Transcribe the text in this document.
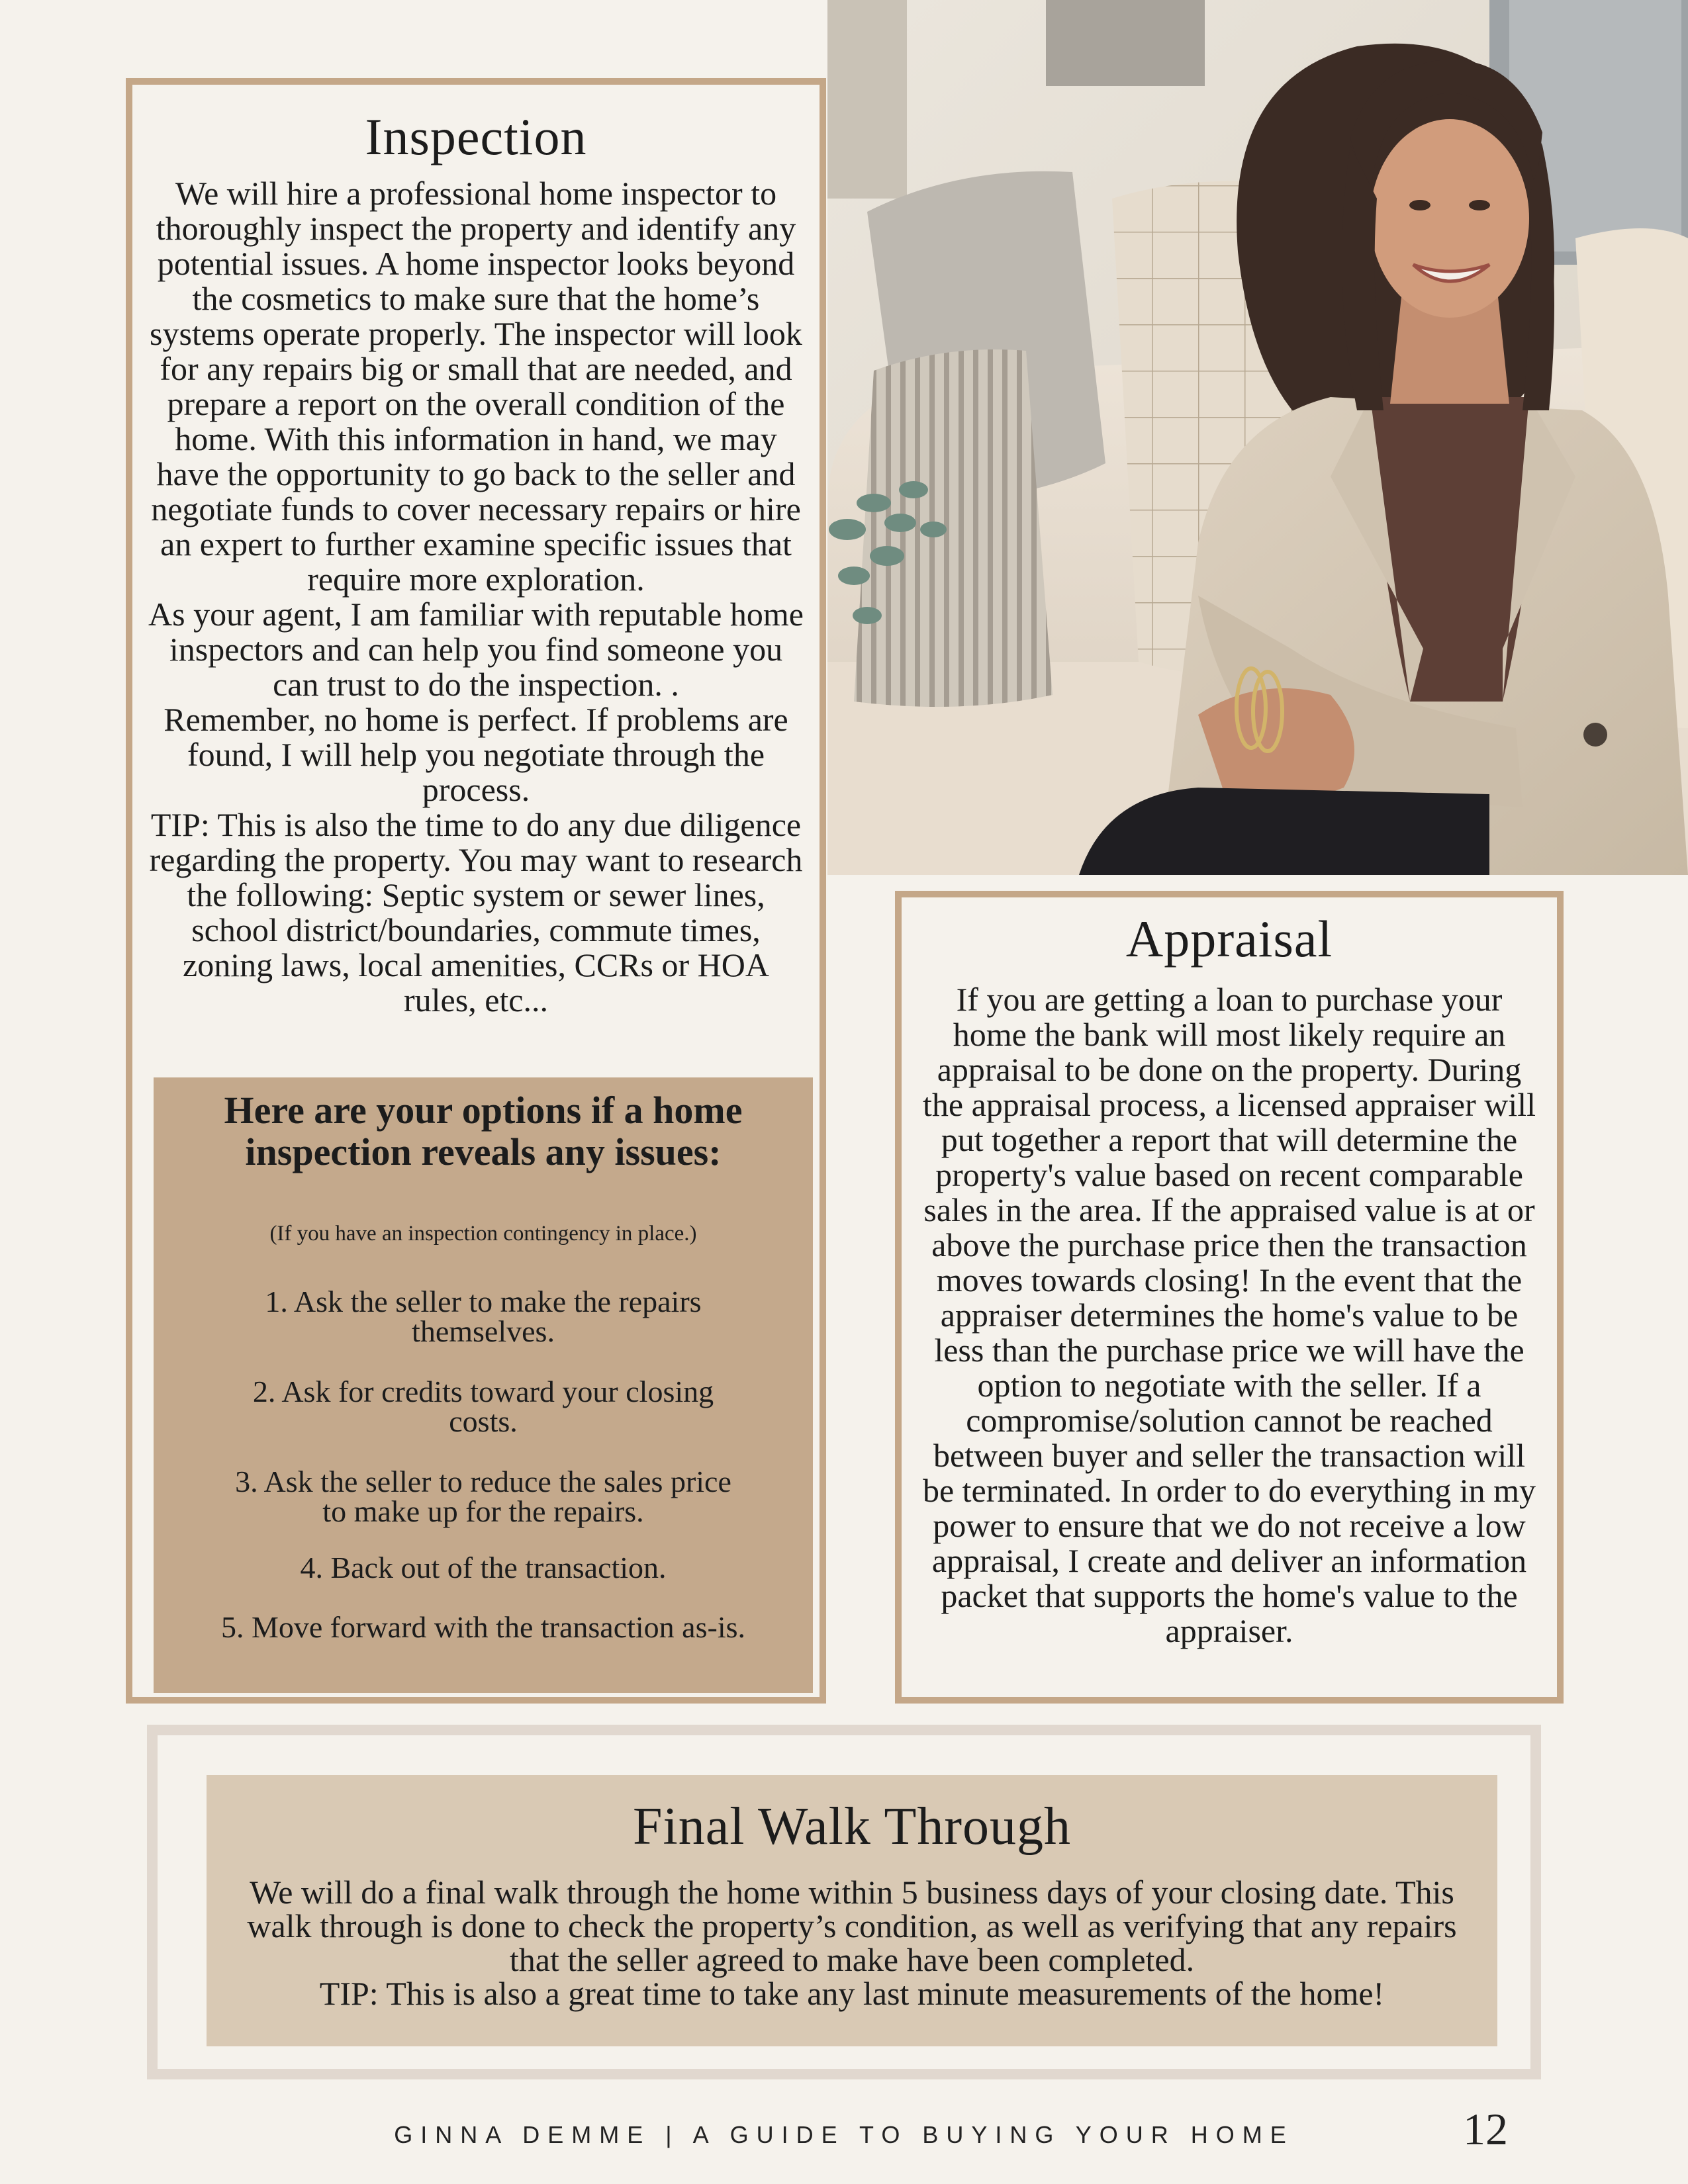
Inspection

We will hire a professional home inspector to thoroughly inspect the property and identify any potential issues. A home inspector looks beyond the cosmetics to make sure that the home’s systems operate properly. The inspector will look for any repairs big or small that are needed, and prepare a report on the overall condition of the home. With this information in hand, we may have the opportunity to go back to the seller and negotiate funds to cover necessary repairs or hire an expert to further examine specific issues that require more exploration.

As your agent, I am familiar with reputable home inspectors and can help you find someone you can trust to do the inspection. .

Remember, no home is perfect. If problems are found, I will help you negotiate through the process.

TIP: This is also the time to do any due diligence regarding the property. You may want to research the following: Septic system or sewer lines, school district/boundaries, commute times, zoning laws, local amenities, CCRs or HOA rules, etc...

Here are your options if a home inspection reveals any issues:
(If you have an inspection contingency in place.)
1. Ask the seller to make the repairs themselves.
2. Ask for credits toward your closing costs.
3. Ask the seller to reduce the sales price to make up for the repairs.
4. Back out of the transaction.
5. Move forward with the transaction as-is.
Appraisal
If you are getting a loan to purchase your home the bank will most likely require an appraisal to be done on the property. During the appraisal process, a licensed appraiser will put together a report that will determine the property's value based on recent comparable sales in the area. If the appraised value is at or above the purchase price then the transaction moves towards closing! In the event that the appraiser determines the home's value to be less than the purchase price we will have the option to negotiate with the seller. If a compromise/solution cannot be reached between buyer and seller the transaction will be terminated. In order to do everything in my power to ensure that we do not receive a low appraisal, I create and deliver an information packet that supports the home's value to the appraiser.
Final Walk Through
We will do a final walk through the home within 5 business days of your closing date. This walk through is done to check the property’s condition, as well as verifying that any repairs that the seller agreed to make have been completed.
TIP: This is also a great time to take any last minute measurements of the home!
GINNA DEMME | A GUIDE TO BUYING YOUR HOME	12
